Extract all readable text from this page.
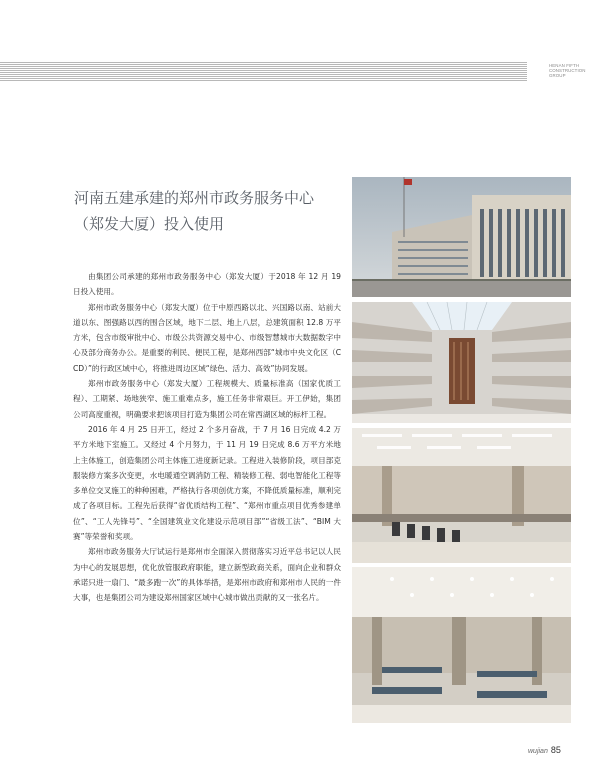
HENAN FIFTH
CONSTRUCTION
GROUP
河南五建承建的郑州市政务服务中心
（郑发大厦）投入使用

由集团公司承建的郑州市政务服务中心（郑发大厦）于2018 年 12 月 19 日投入使用。

郑州市政务服务中心（郑发大厦）位于中原西路以北、兴国路以南、站前大道以东、图强路以西的围合区域，地下二层、地上八层，总建筑面积 12.8 万平方米，包含市级审批中心、市级公共资源交易中心、市级智慧城市大数据数字中心及部分商务办公。是重要的利民、便民工程，是郑州西部“城市中央文化区（CCD）”的行政区域中心，将推进周边区域“绿色、活力、高效”协同发展。

郑州市政务服务中心（郑发大厦）工程规模大、质量标准高（国家优质工程）、工期紧、场地狭窄、施工重难点多，施工任务非常艰巨。开工伊始，集团公司高度重视，明确要求把该项目打造为集团公司在常西湖区域的标杆工程。

2016 年 4 月 25 日开工，经过 2 个多月奋战，于 7 月 16 日完成 4.2 万平方米地下室施工。又经过 4 个月努力，于 11 月 19 日完成 8.6 万平方米地上主体施工，创造集团公司主体施工进度新记录。工程进入装修阶段，项目部克服装修方案多次变更，水电暖通空调消防工程、精装修工程、弱电智能化工程等多单位交叉施工的种种困难，严格执行各项创优方案，不降低质量标准，顺利完成了各项目标。工程先后获得“省优质结构工程”、“郑州市重点项目优秀参建单位”、“工人先锋号”、“全国建筑业文化建设示范项目部”“省级工法”、“BIM 大赛”等荣誉和奖项。

郑州市政务服务大厅试运行是郑州市全面深入贯彻落实习近平总书记以人民为中心的发展思想，优化放管服政府职能，建立新型政商关系，面向企业和群众承诺只进一扇门、“最多跑一次”的具体举措，是郑州市政府和郑州市人民的一件大事，也是集团公司为建设郑州国家区域中心城市做出贡献的又一张名片。

wujian 85
